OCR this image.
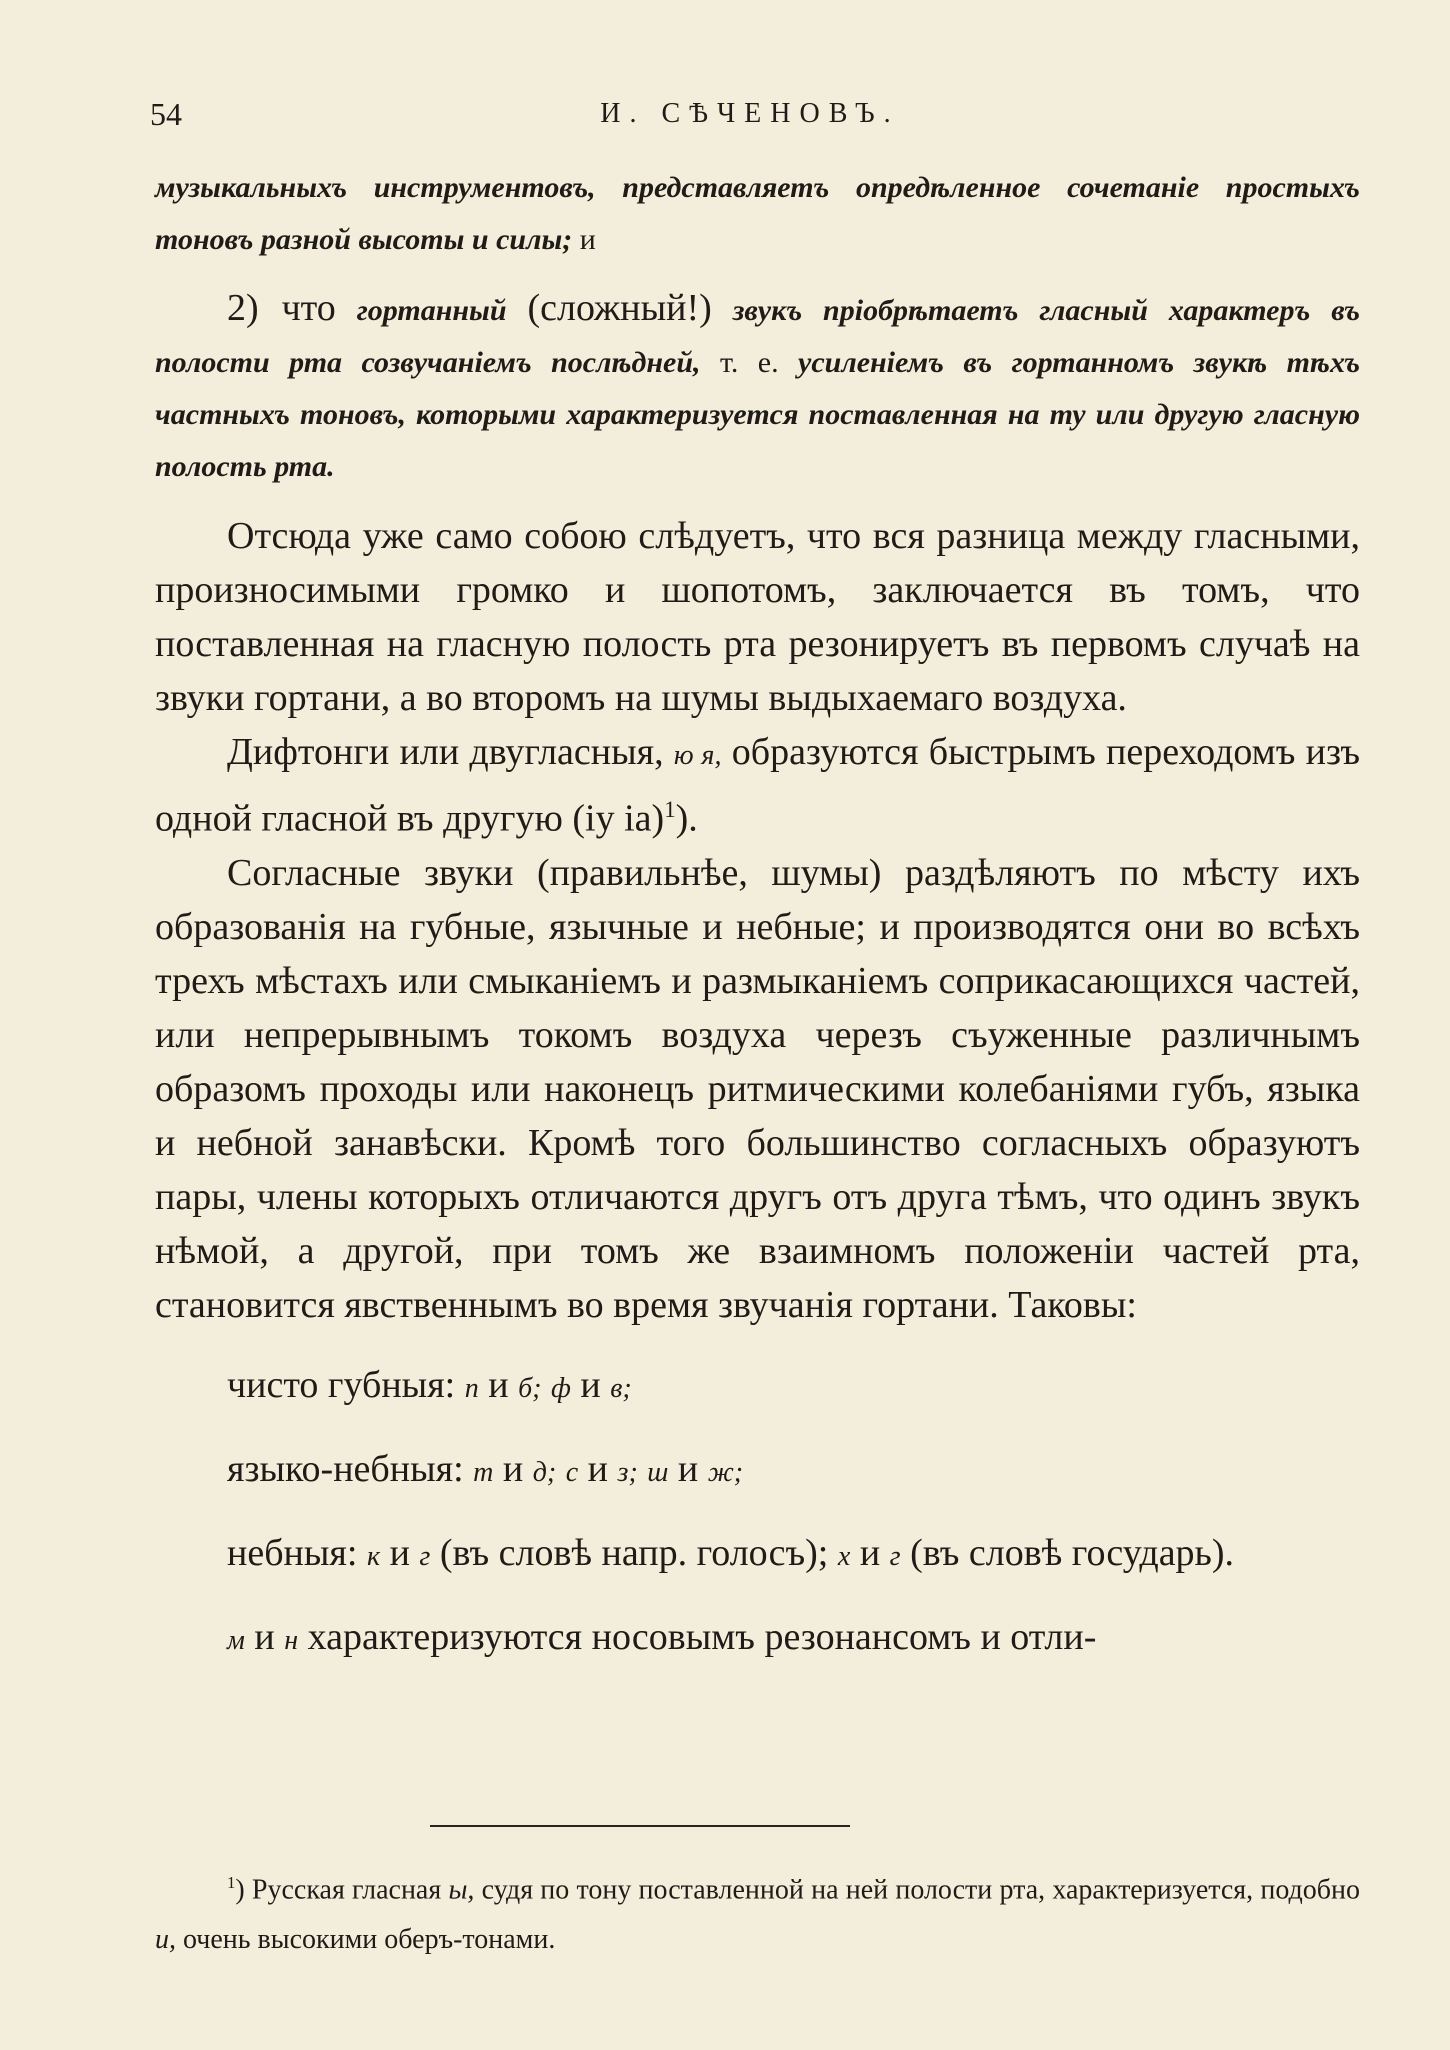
54	И. СѢЧЕНОВЪ.

музыкальныхъ инструментовъ, представляетъ опредѣленное сочетаніе простыхъ тоновъ разной высоты и силы; и

2) что гортанный (сложный!) звукъ пріобрѣтаетъ гласный характеръ въ полости рта созвучаніемъ послѣдней, т. е. усиленіемъ въ гортанномъ звукѣ тѣхъ частныхъ тоновъ, которыми характеризуется поставленная на ту или другую гласную полость рта.

Отсюда уже само собою слѣдуетъ, что вся разница между гласными, произносимыми громко и шопотомъ, заключается въ томъ, что поставленная на гласную полость рта резонируетъ въ первомъ случаѣ на звуки гортани, а во второмъ на шумы выдыхаемаго воздуха.

Дифтонги или двугласныя, ю я, образуются быстрымъ переходомъ изъ одной гласной въ другую (іу іа)$^1$).

Согласные звуки (правильнѣе, шумы) раздѣляютъ по мѣсту ихъ образованія на губные, язычные и небные; и производятся они во всѣхъ трехъ мѣстахъ или смыканіемъ и размыканіемъ соприкасающихся частей, или непрерывнымъ токомъ воздуха черезъ съуженные различнымъ образомъ проходы или наконецъ ритмическими колебаніями губъ, языка и небной занавѣски. Кромѣ того большинство согласныхъ образуютъ пары, члены которыхъ отличаются другъ отъ друга тѣмъ, что одинъ звукъ нѣмой, а другой, при томъ же взаимномъ положеніи частей рта, становится явственнымъ во время звучанія гортани. Таковы:

чисто губныя: п и б; ф и в;

языко-небныя: т и д; с и з; ш и ж;

небныя: к и г (въ словѣ напр. голосъ); х и г (въ словѣ государь).

м и н характеризуются носовымъ резонансомъ и отли-

$^1$) Русская гласная ы, судя по тону поставленной на ней полости рта, характеризуется, подобно и, очень высокими оберъ-тонами.
